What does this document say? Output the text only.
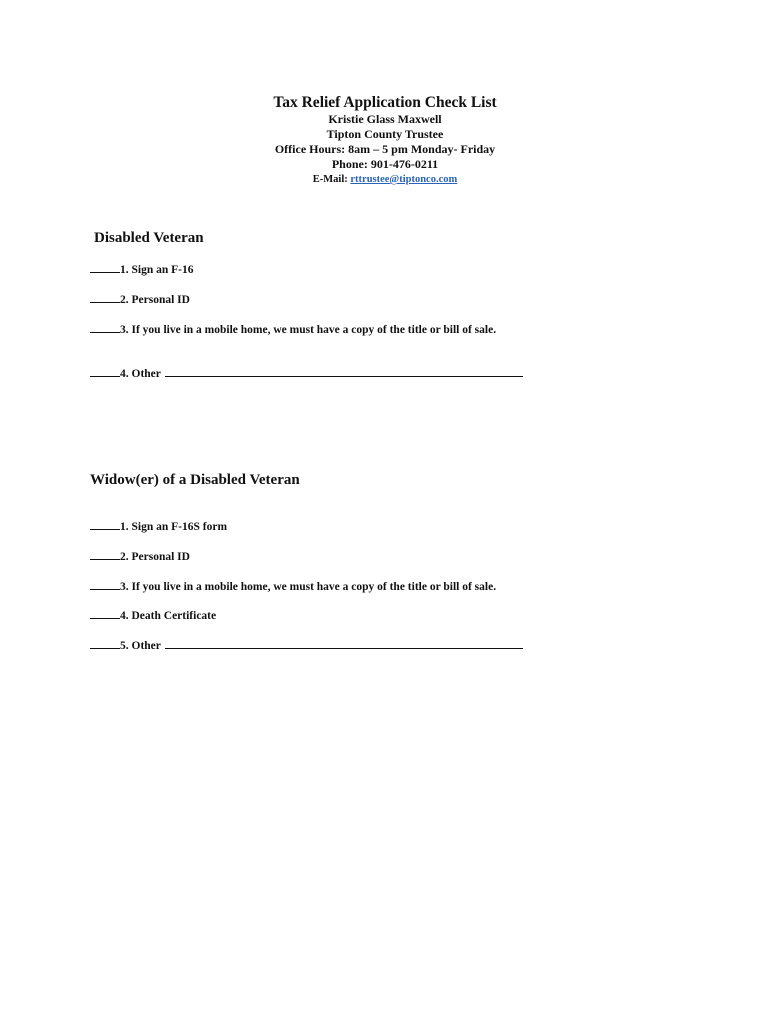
Tax Relief Application Check List

Kristie Glass Maxwell

Tipton County Trustee

Office Hours: 8am – 5 pm Monday- Friday

Phone: 901-476-0211

E-Mail: rttrustee@tiptonco.com

Disabled Veteran

1. Sign an F-16

2. Personal ID

3. If you live in a mobile home, we must have a copy of the title or bill of sale.

4. Other

Widow(er) of a Disabled Veteran

1. Sign an F-16S form

2. Personal ID

3. If you live in a mobile home, we must have a copy of the title or bill of sale.

4. Death Certificate

5. Other
